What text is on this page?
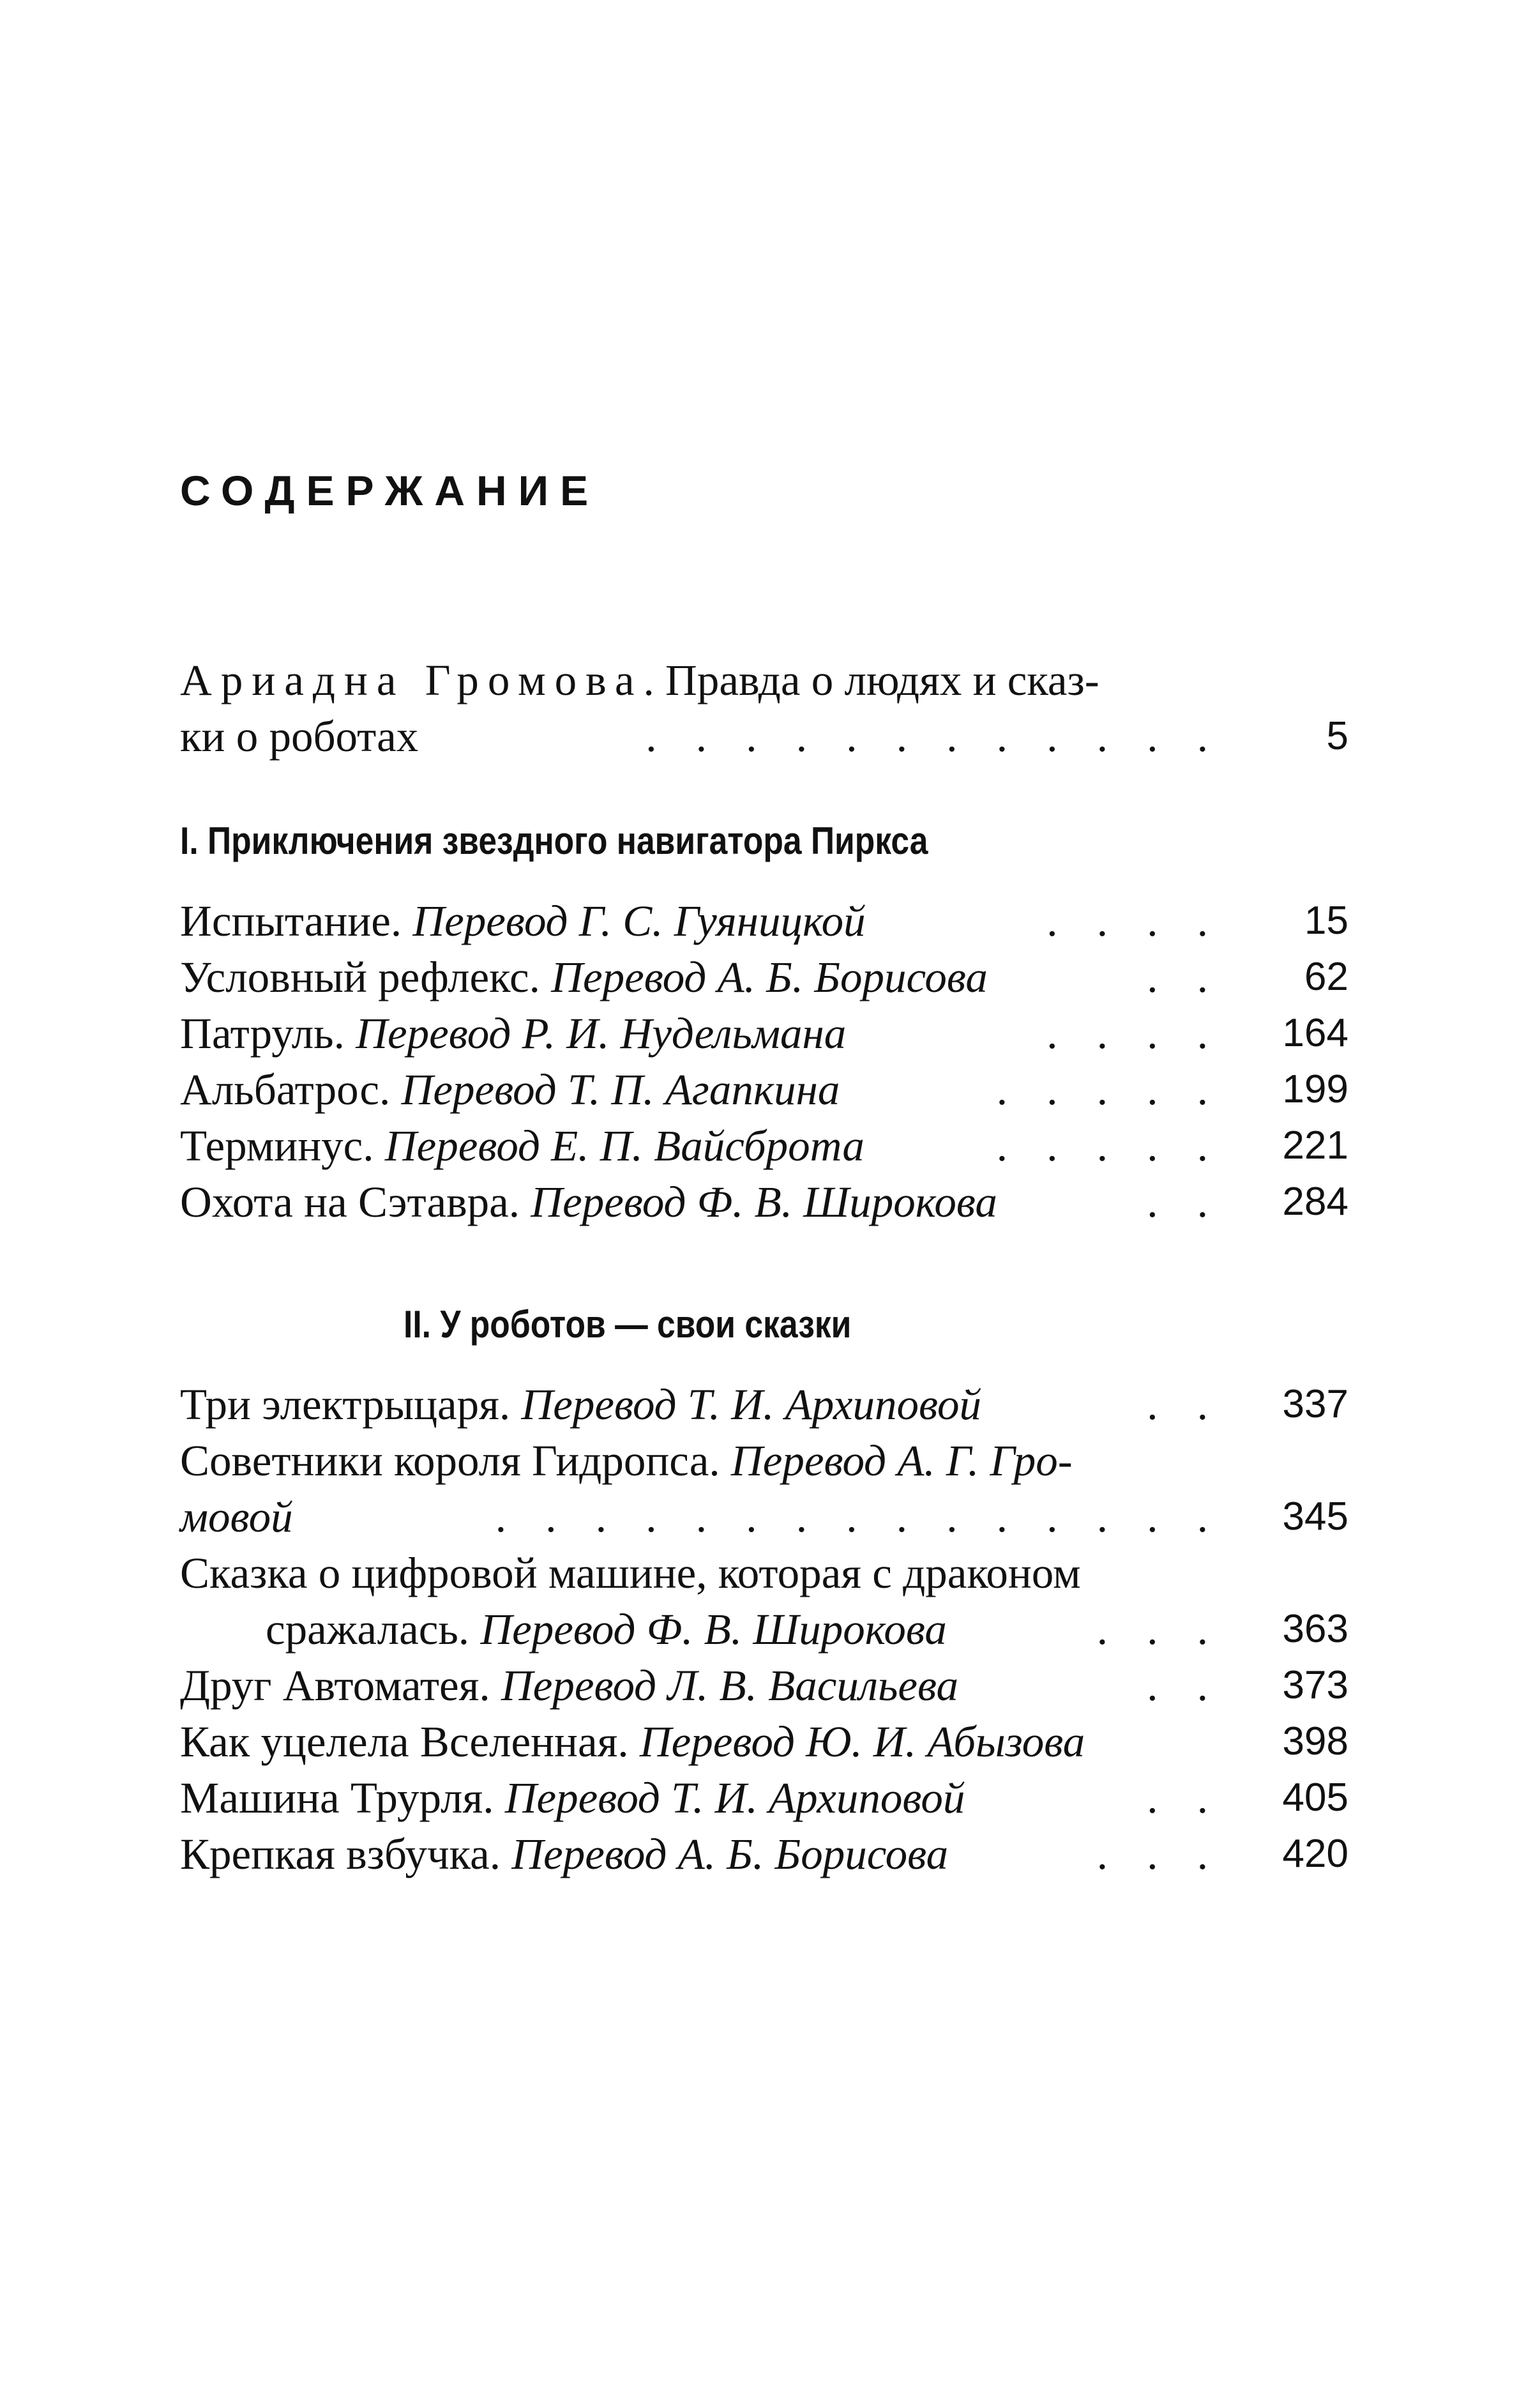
СОДЕРЖАНИЕ
Ариадна Громова. Правда о людях и сказ-
ки о роботах	. . . . . . . . . . . .	5
I. Приключения звездного навигатора Пиркса
Испытание. Перевод Г. С. Гуяницкой	. . . . 15
Условный рефлекс. Перевод А. Б. Борисова	. . 62
Патруль. Перевод Р. И. Нудельмана	. . . . 164
Альбатрос. Перевод Т. П. Агапкина	. . . . . 199
Терминус. Перевод Е. П. Вайсброта	. . . . . 221
Охота на Сэтавра. Перевод Ф. В. Широкова	. . 284
II. У роботов — свои сказки
Три электрыцаря. Перевод Т. И. Архиповой	. . 337
Советники короля Гидропса. Перевод А. Г. Гро-
мовой	. . . . . . . . . . . . . . . 345
Сказка о цифровой машине, которая с драконом
сражалась. Перевод Ф. В. Широкова	. . . 363
Друг Автоматея. Перевод Л. В. Васильева	. . 373
Как уцелела Вселенная. Перевод Ю. И. Абызова	398
Машина Трурля. Перевод Т. И. Архиповой	. . 405
Крепкая взбучка. Перевод А. Б. Борисова	. . . 420
